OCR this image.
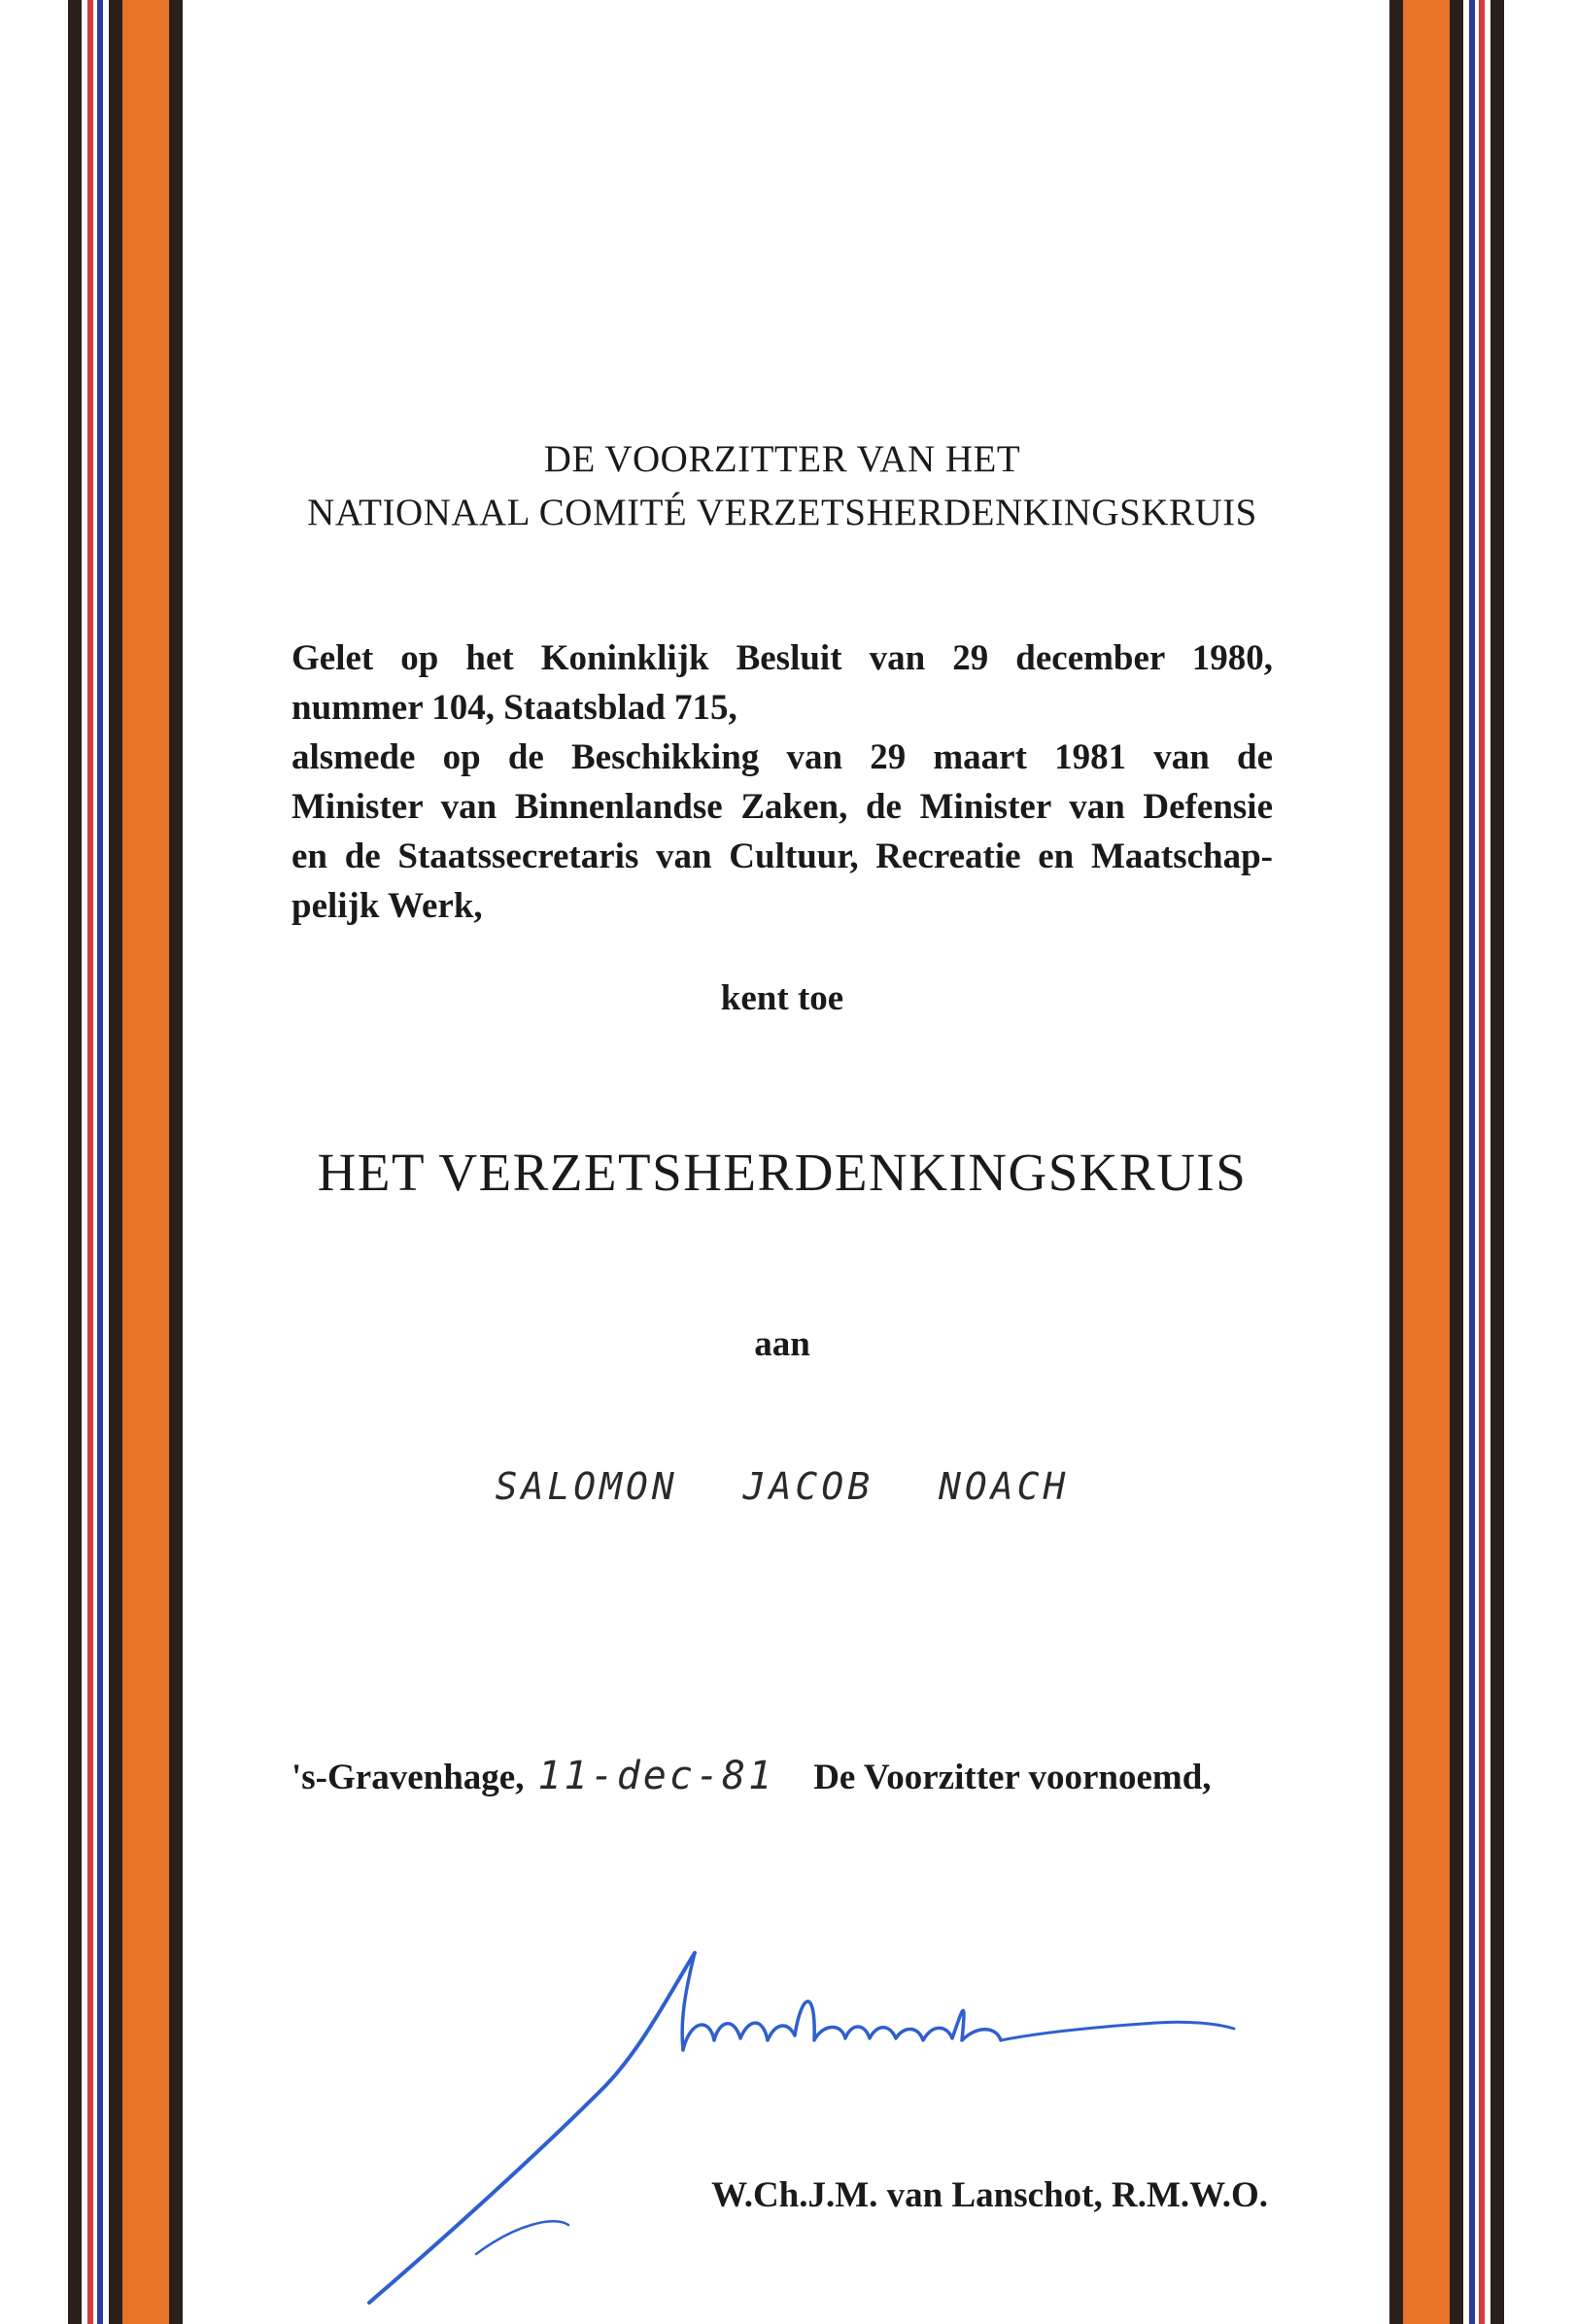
DE VOORZITTER VAN HET
NATIONAAL COMITÉ VERZETSHERDENKINGSKRUIS
Gelet op het Koninklijk Besluit van 29 december 1980,
nummer 104, Staatsblad 715,
alsmede op de Beschikking van 29 maart 1981 van de
Minister van Binnenlandse Zaken, de Minister van Defensie
en de Staatssecretaris van Cultuur, Recreatie en Maatschap-
pelijk Werk,
kent toe
HET VERZETSHERDENKINGSKRUIS
aan
SALOMON JACOB NOACH
's-Gravenhage, 11-dec-81 De Voorzitter voornoemd,
W.Ch.J.M. van Lanschot, R.M.W.O.
